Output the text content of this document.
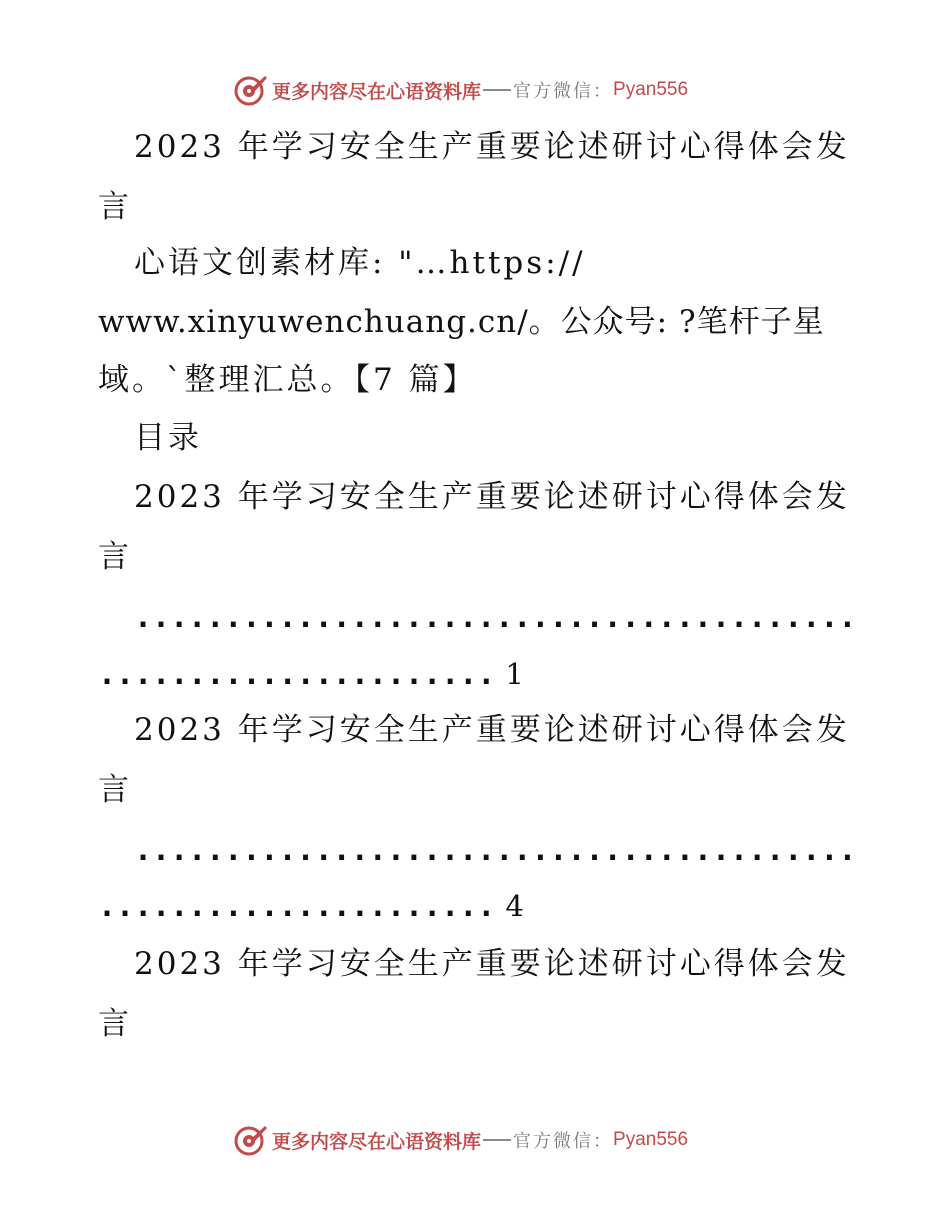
更多内容尽在心语资料库 官方微信： Pyan556
2023 年学习安全生产重要论述研讨心得体会发
言
心语文创素材库: "…https://
www.xinyuwenchuang.cn/。公众号: ?笔杆子星
域。`整理汇总。【7 篇】
目录
2023 年学习安全生产重要论述研讨心得体会发
言
........................................
...................... 1
2023 年学习安全生产重要论述研讨心得体会发
言
........................................
...................... 4
2023 年学习安全生产重要论述研讨心得体会发
言
更多内容尽在心语资料库 官方微信： Pyan556
